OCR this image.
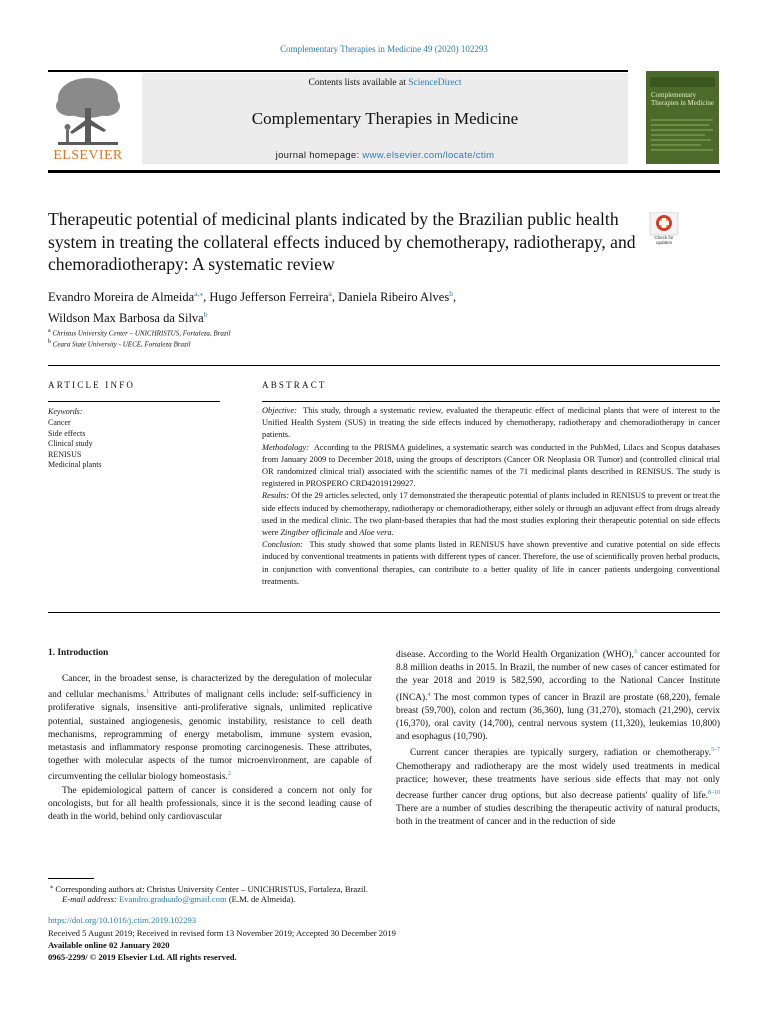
Complementary Therapies in Medicine 49 (2020) 102293
ELSEVIER
Contents lists available at ScienceDirect
Complementary Therapies in Medicine
journal homepage: www.elsevier.com/locate/ctim
Complementary Therapies in Medicine
Therapeutic potential of medicinal plants indicated by the Brazilian public health system in treating the collateral effects induced by chemotherapy, radiotherapy, and chemoradiotherapy: A systematic review
Check for updates
Evandro Moreira de Almeida$^{a,⁎}$, Hugo Jefferson Ferreira$^a$, Daniela Ribeiro Alves$^b$,
Wildson Max Barbosa da Silva$^b$
$^a$ Christus University Center – UNICHRISTUS, Fortaleza, Brazil
$^b$ Ceara State University - UECE, Fortaleza Brazil
ARTICLE INFO	ABSTRACT
Keywords:
Cancer
Side effects
Clinical study
RENISUS
Medicinal plants

Objective: This study, through a systematic review, evaluated the therapeutic effect of medicinal plants that were of interest to the Unified Health System (SUS) in treating the side effects induced by chemotherapy, radiotherapy and chemoradiotherapy in cancer patients.

Methodology: According to the PRISMA guidelines, a systematic search was conducted in the PubMed, Lilacs and Scopus databases from January 2009 to December 2018, using the groups of descriptors (Cancer OR Neoplasia OR Tumor) and (controlled clinical trial OR randomized clinical trial) associated with the scientific names of the 71 medicinal plants described in RENISUS. The study is registered in PROSPERO CRD42019129927.

Results: Of the 29 articles selected, only 17 demonstrated the therapeutic potential of plants included in RENISUS to prevent or treat the side effects induced by chemotherapy, radiotherapy or chemoradiotherapy, either solely or through an adjuvant effect from drugs already used in the medical clinic. The two plant-based therapies that had the most studies exploring their therapeutic potential on side effects were Zingiber officinale and Aloe vera.

Conclusion: This study showed that some plants listed in RENISUS have shown preventive and curative potential on side effects induced by conventional treatments in patients with different types of cancer. Therefore, the use of scientifically proven herbal products, in conjunction with conventional therapies, can contribute to a better quality of life in cancer patients undergoing conventional treatments.

1. Introduction

Cancer, in the broadest sense, is characterized by the deregulation of molecular and cellular mechanisms.$^1$ Attributes of malignant cells include: self-sufficiency in proliferative signals, insensitive anti-proliferative signals, unlimited replicative potential, sustained angiogenesis, genomic instability, resistance to cell death mechanisms, reprogramming of energy metabolism, immune system evasion, metastasis and inflammatory response promoting carcinogenesis. These attributes, together with molecular aspects of the tumor microenvironment, are capable of circumventing the cellular biology homeostasis.$^2$

The epidemiological pattern of cancer is considered a concern not only for oncologists, but for all health professionals, since it is the second leading cause of death in the world, behind only cardiovascular

disease. According to the World Health Organization (WHO),$^3$ cancer accounted for 8.8 million deaths in 2015. In Brazil, the number of new cases of cancer estimated for the year 2018 and 2019 is 582,590, according to the National Cancer Institute (INCA).$^4$ The most common types of cancer in Brazil are prostate (68,220), female breast (59,700), colon and rectum (36,360), lung (31,270), stomach (21,290), cervix (16,370), oral cavity (14,700), central nervous system (11,320), leukemias 10,800) and esophagus (10,790).

Current cancer therapies are typically surgery, radiation or chemotherapy.$^{5-7}$ Chemotherapy and radiotherapy are the most widely used treatments in medical practice; however, these treatments have serious side effects that may not only decrease further cancer drug options, but also decrease patients' quality of life.$^{8-10}$ There are a number of studies describing the therapeutic activity of natural products, both in the treatment of cancer and in the reduction of side

⁎ Corresponding authors at: Christus University Center – UNICHRISTUS, Fortaleza, Brazil.
E-mail address: Evandro.graduado@gmail.com (E.M. de Almeida).
https://doi.org/10.1016/j.ctim.2019.102293
Received 5 August 2019; Received in revised form 13 November 2019; Accepted 30 December 2019
Available online 02 January 2020
0965-2299/ © 2019 Elsevier Ltd. All rights reserved.
